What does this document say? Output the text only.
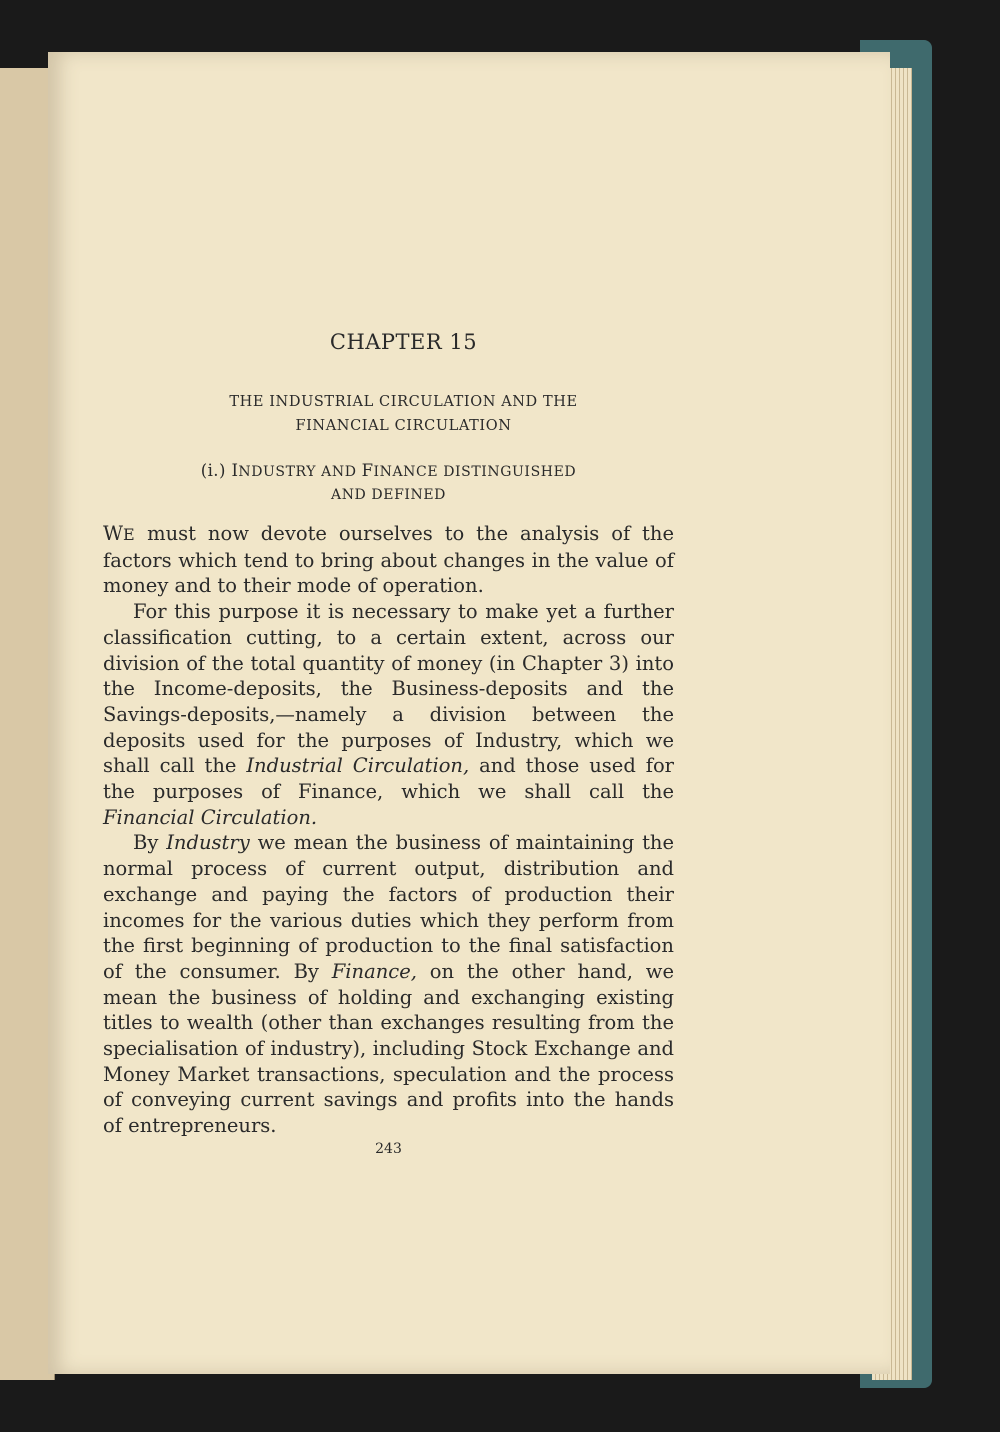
CHAPTER 15
THE INDUSTRIAL CIRCULATION AND THE
FINANCIAL CIRCULATION
(i.) INDUSTRY AND FINANCE DISTINGUISHED
AND DEFINED

WE must now devote ourselves to the analysis of the factors which tend to bring about changes in the value of money and to their mode of operation.

For this purpose it is necessary to make yet a further classification cutting, to a certain extent, across our division of the total quantity of money (in Chapter 3) into the Income-deposits, the Business-deposits and the Savings-deposits,—namely a division between the deposits used for the purposes of Industry, which we shall call the Industrial Circulation, and those used for the purposes of Finance, which we shall call the Financial Circulation.

By Industry we mean the business of maintaining the normal process of current output, distribution and exchange and paying the factors of production their incomes for the various duties which they perform from the first beginning of production to the final satisfaction of the consumer. By Finance, on the other hand, we mean the business of holding and exchanging existing titles to wealth (other than exchanges resulting from the specialisation of industry), including Stock Exchange and Money Market transactions, speculation and the process of conveying current savings and profits into the hands of entrepreneurs.

243
